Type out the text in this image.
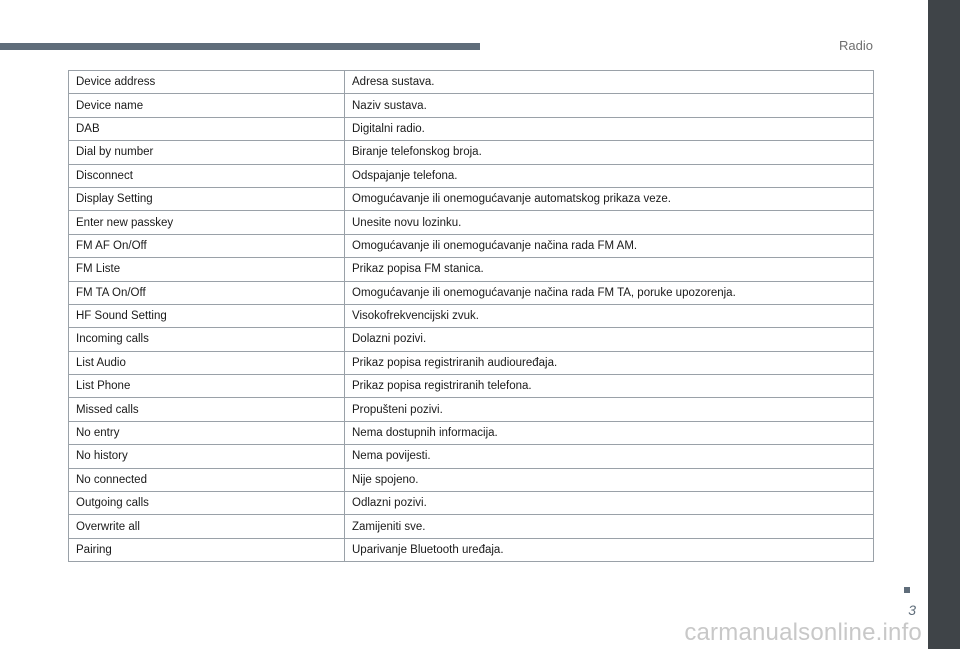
Radio
Device address	Adresa sustava.
Device name	Naziv sustava.
DAB	Digitalni radio.
Dial by number	Biranje telefonskog broja.
Disconnect	Odspajanje telefona.
Display Setting	Omogućavanje ili onemogućavanje automatskog prikaza veze.
Enter new passkey	Unesite novu lozinku.
FM AF On/Off	Omogućavanje ili onemogućavanje načina rada FM AM.
FM Liste	Prikaz popisa FM stanica.
FM TA On/Off	Omogućavanje ili onemogućavanje načina rada FM TA, poruke upozorenja.
HF Sound Setting	Visokofrekvencijski zvuk.
Incoming calls	Dolazni pozivi.
List Audio	Prikaz popisa registriranih audiouređaja.
List Phone	Prikaz popisa registriranih telefona.
Missed calls	Propušteni pozivi.
No entry	Nema dostupnih informacija.
No history	Nema povijesti.
No connected	Nije spojeno.
Outgoing calls	Odlazni pozivi.
Overwrite all	Zamijeniti sve.
Pairing	Uparivanje Bluetooth uređaja.
3
carmanualsonline.info
